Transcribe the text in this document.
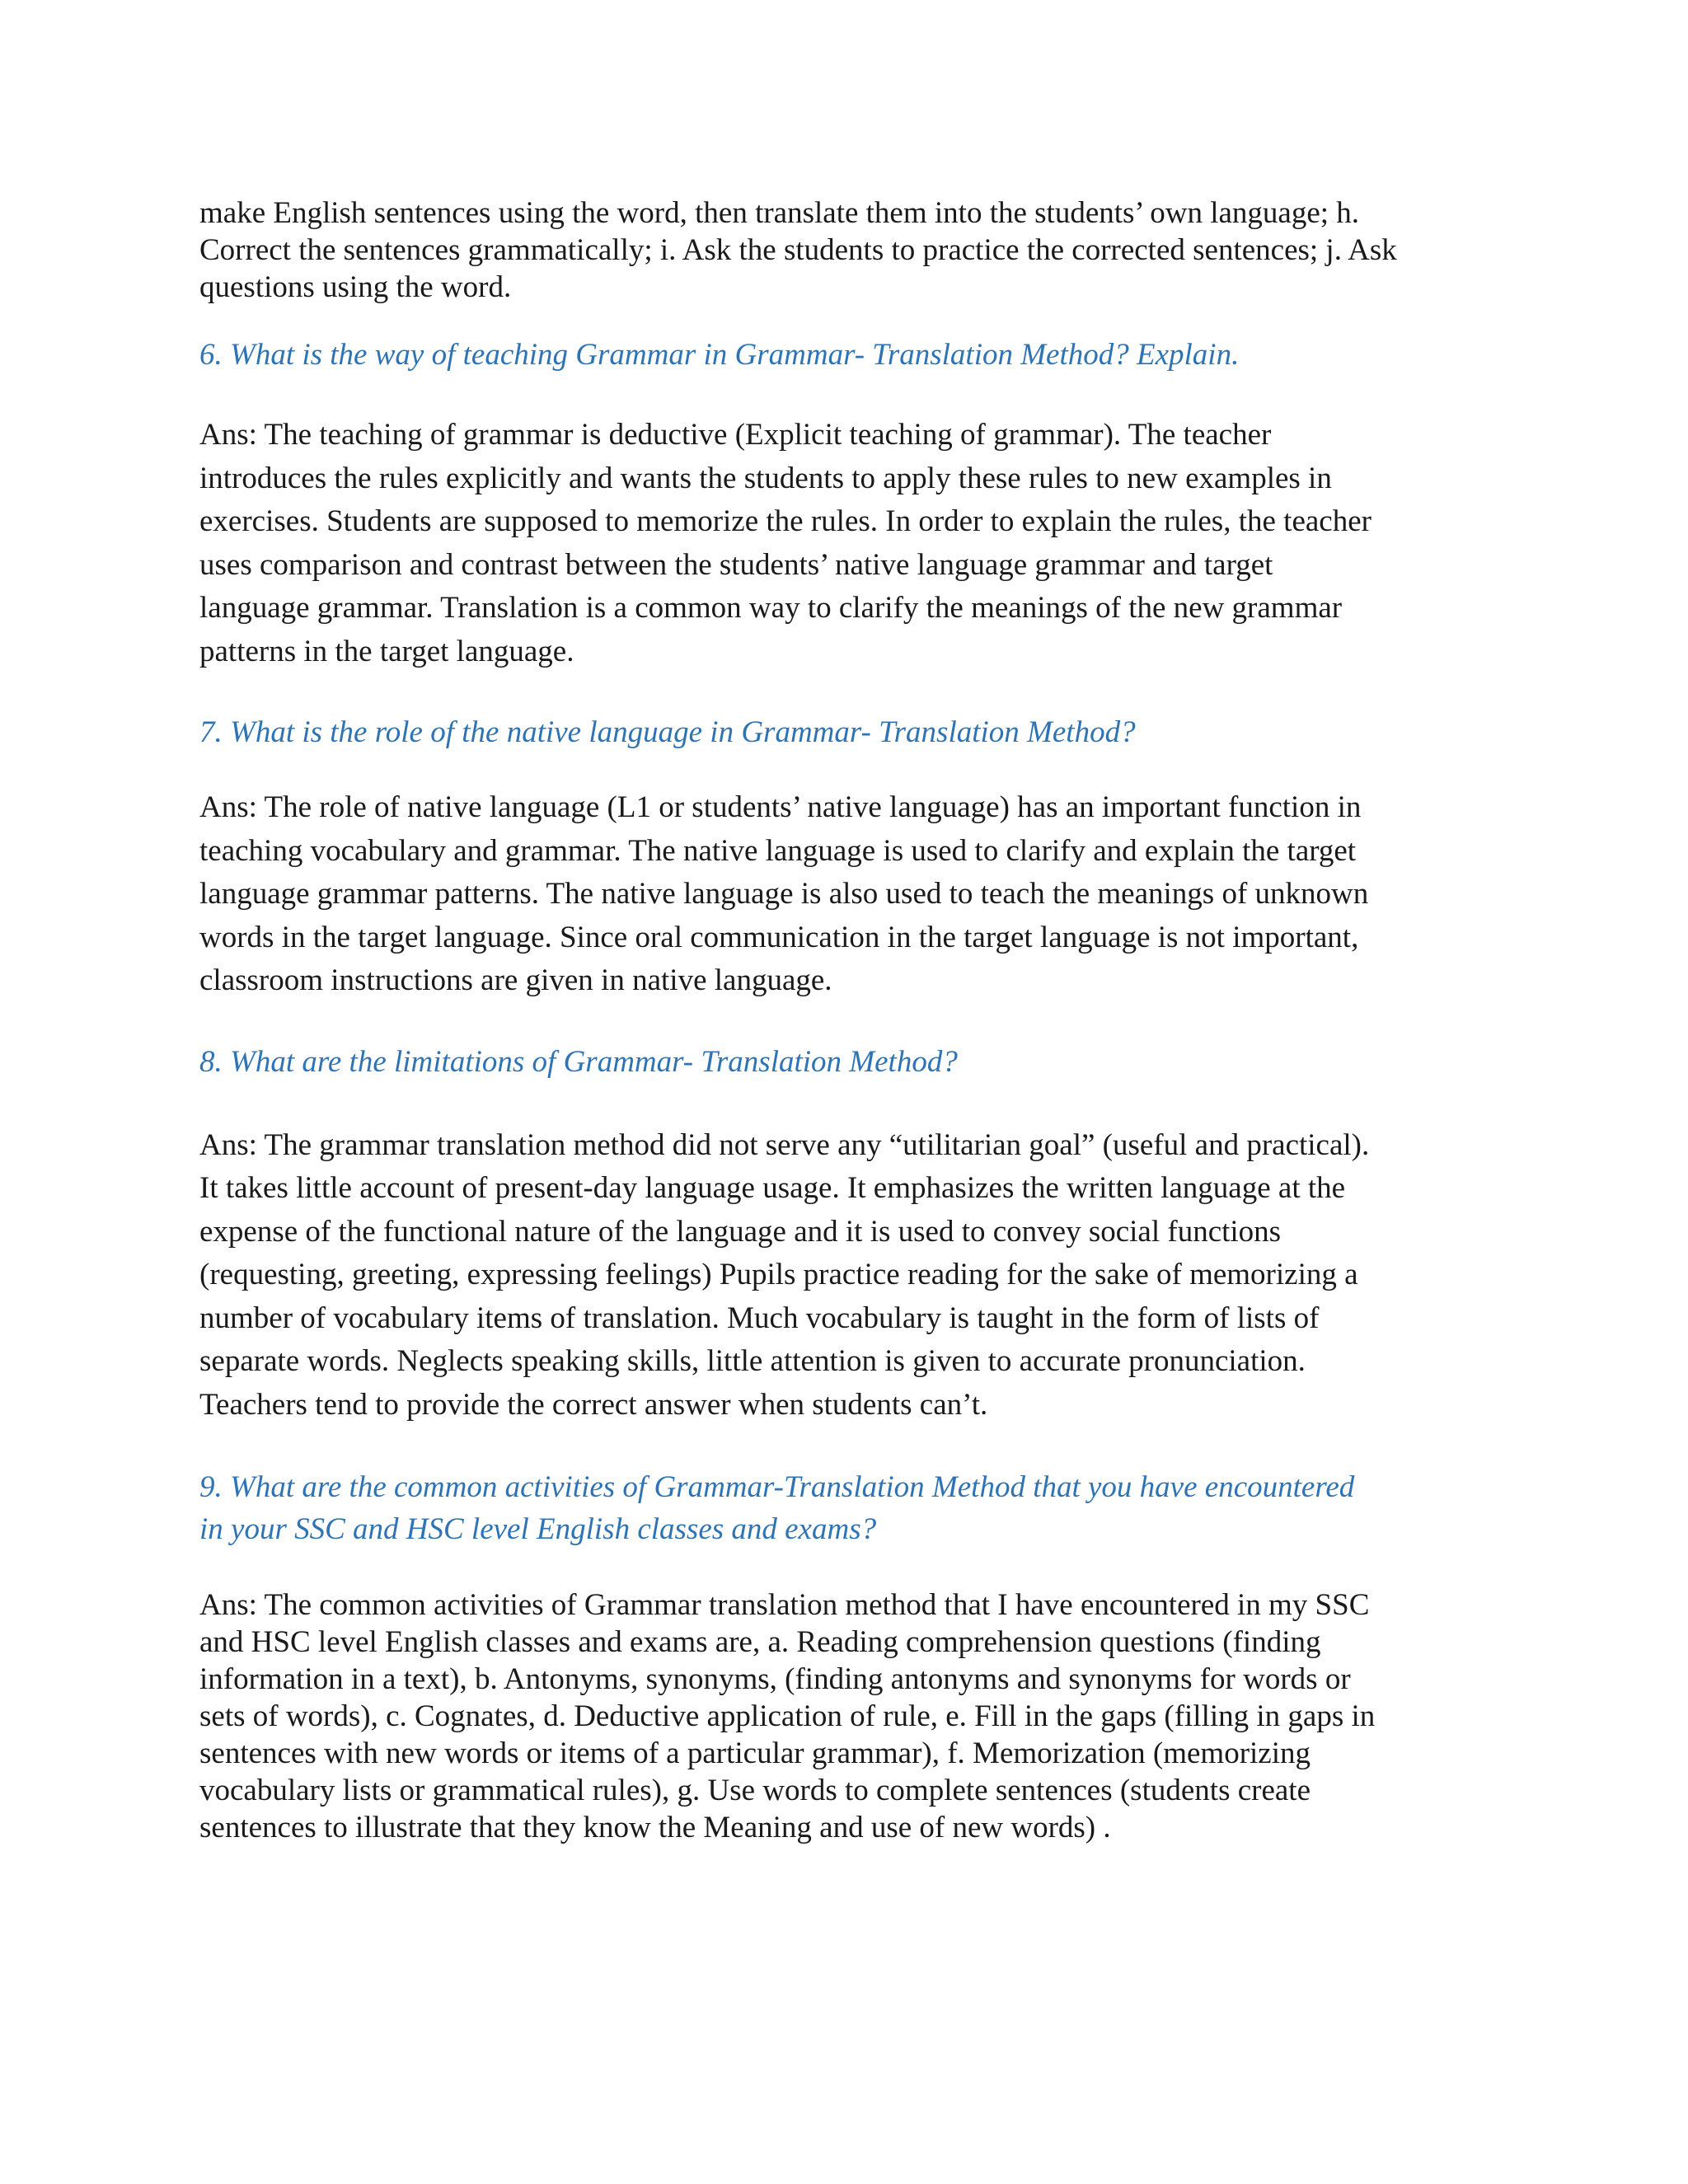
make English sentences using the word, then translate them into the students’ own language; h.
Correct the sentences grammatically; i. Ask the students to practice the corrected sentences; j. Ask
questions using the word.

6. What is the way of teaching Grammar in Grammar- Translation Method? Explain.

Ans: The teaching of grammar is deductive (Explicit teaching of grammar). The teacher
introduces the rules explicitly and wants the students to apply these rules to new examples in
exercises. Students are supposed to memorize the rules. In order to explain the rules, the teacher
uses comparison and contrast between the students’ native language grammar and target
language grammar. Translation is a common way to clarify the meanings of the new grammar
patterns in the target language.

7. What is the role of the native language in Grammar- Translation Method?

Ans: The role of native language (L1 or students’ native language) has an important function in
teaching vocabulary and grammar. The native language is used to clarify and explain the target
language grammar patterns. The native language is also used to teach the meanings of unknown
words in the target language. Since oral communication in the target language is not important,
classroom instructions are given in native language.

8. What are the limitations of Grammar- Translation Method?

Ans: The grammar translation method did not serve any “utilitarian goal” (useful and practical).
It takes little account of present-day language usage. It emphasizes the written language at the
expense of the functional nature of the language and it is used to convey social functions
(requesting, greeting, expressing feelings) Pupils practice reading for the sake of memorizing a
number of vocabulary items of translation. Much vocabulary is taught in the form of lists of
separate words. Neglects speaking skills, little attention is given to accurate pronunciation.
Teachers tend to provide the correct answer when students can’t.

9. What are the common activities of Grammar-Translation Method that you have encountered
in your SSC and HSC level English classes and exams?

Ans: The common activities of Grammar translation method that I have encountered in my SSC
and HSC level English classes and exams are, a. Reading comprehension questions (finding
information in a text), b. Antonyms, synonyms, (finding antonyms and synonyms for words or
sets of words), c. Cognates, d. Deductive application of rule, e. Fill in the gaps (filling in gaps in
sentences with new words or items of a particular grammar), f. Memorization (memorizing
vocabulary lists or grammatical rules), g. Use words to complete sentences (students create
sentences to illustrate that they know the Meaning and use of new words) .
